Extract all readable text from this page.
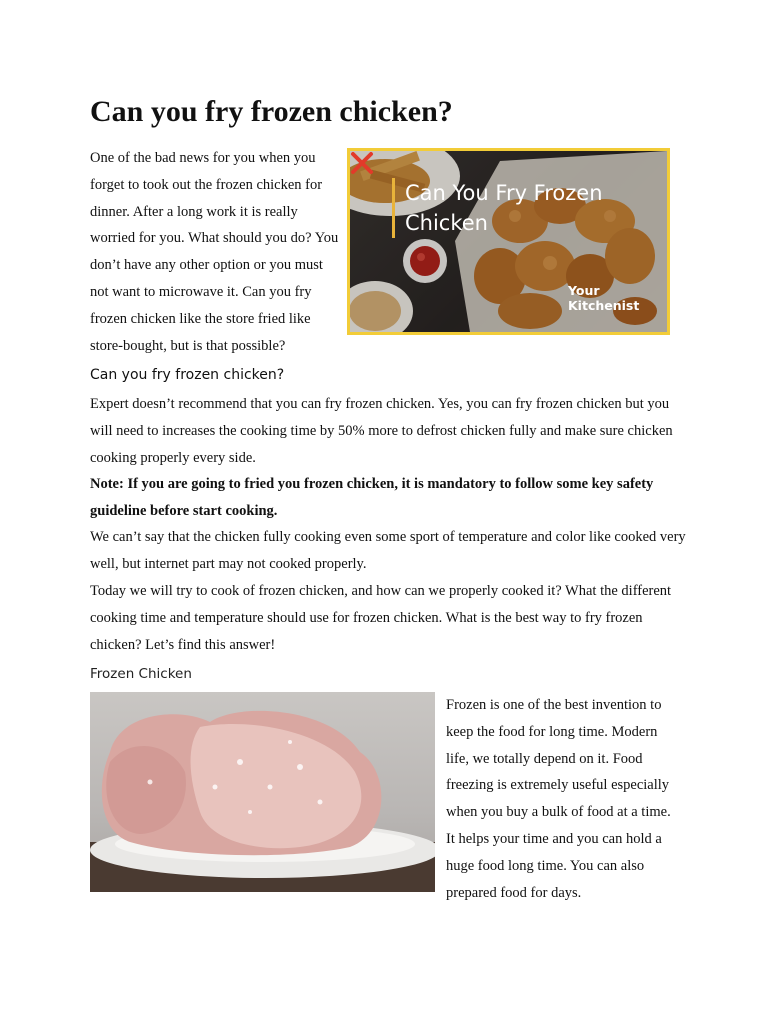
Can you fry frozen chicken?

One of the bad news for you when you forget to took out the frozen chicken for dinner. After a long work it is really worried for you. What should you do? You don’t have any other option or you must not want to microwave it. Can you fry frozen chicken like the store fried like store-bought, but is that possible?

Can You Fry Frozen Chicken
Your
Kitchenist
Can you fry frozen chicken?

Expert doesn’t recommend that you can fry frozen chicken. Yes, you can fry frozen chicken but you will need to increases the cooking time by 50% more to defrost chicken fully and make sure chicken cooking properly every side.

Note: If you are going to fried you frozen chicken, it is mandatory to follow some key safety guideline before start cooking.

We can’t say that the chicken fully cooking even some sport of temperature and color like cooked very well, but internet part may not cooked properly.

Today we will try to cook of frozen chicken, and how can we properly cooked it? What the different cooking time and temperature should use for frozen chicken. What is the best way to fry frozen chicken? Let’s find this answer!

Frozen Chicken

Frozen is one of the best invention to keep the food for long time. Modern life, we totally depend on it. Food freezing is extremely useful especially when you buy a bulk of food at a time. It helps your time and you can hold a huge food long time. You can also prepared food for days.
